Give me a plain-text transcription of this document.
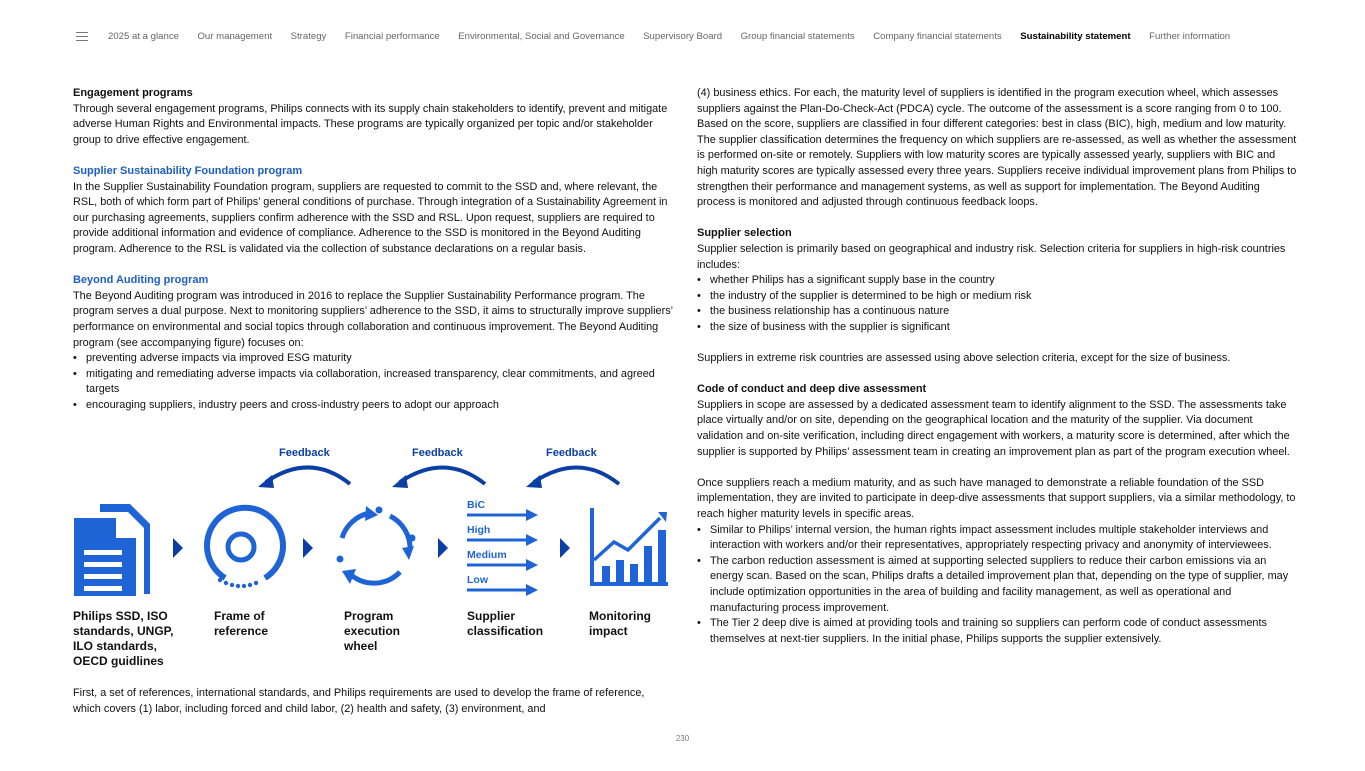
2025 at a glance Our management Strategy Financial performance Environmental, Social and Governance Supervisory Board Group financial statements Company financial statements Sustainability statement Further information
Engagement programs

Through several engagement programs, Philips connects with its supply chain stakeholders to identify, prevent and mitigate adverse Human Rights and Environmental impacts. These programs are typically organized per topic and/or stakeholder group to drive effective engagement.

Supplier Sustainability Foundation program

In the Supplier Sustainability Foundation program, suppliers are requested to commit to the SSD and, where relevant, the RSL, both of which form part of Philips’ general conditions of purchase. Through integration of a Sustainability Agreement in our purchasing agreements, suppliers confirm adherence with the SSD and RSL. Upon request, suppliers are required to provide additional information and evidence of compliance. Adherence to the SSD is monitored in the Beyond Auditing program. Adherence to the RSL is validated via the collection of substance declarations on a regular basis.

Beyond Auditing program

The Beyond Auditing program was introduced in 2016 to replace the Supplier Sustainability Performance program. The program serves a dual purpose. Next to monitoring suppliers’ adherence to the SSD, it aims to structurally improve suppliers’ performance on environmental and social topics through collaboration and continuous improvement. The Beyond Auditing program (see accompanying figure) focuses on:

• preventing adverse impacts via improved ESG maturity
• mitigating and remediating adverse impacts via collaboration, increased transparency, clear commitments, and agreed targets
• encouraging suppliers, industry peers and cross-industry peers to adopt our approach
Feedback	Feedback	Feedback
BiC
High
Medium
Low
Philips SSD, ISO standards, UNGP, ILO standards, OECD guidlines
Frame of reference
Program execution wheel
Supplier classification
Monitoring impact

First, a set of references, international standards, and Philips requirements are used to develop the frame of reference, which covers (1) labor, including forced and child labor, (2) health and safety, (3) environment, and

(4) business ethics. For each, the maturity level of suppliers is identified in the program execution wheel, which assesses suppliers against the Plan-Do-Check-Act (PDCA) cycle. The outcome of the assessment is a score ranging from 0 to 100. Based on the score, suppliers are classified in four different categories: best in class (BIC), high, medium and low maturity. The supplier classification determines the frequency on which suppliers are re-assessed, as well as whether the assessment is performed on-site or remotely. Suppliers with low maturity scores are typically assessed yearly, suppliers with BIC and high maturity scores are typically assessed every three years. Suppliers receive individual improvement plans from Philips to strengthen their performance and management systems, as well as support for implementation. The Beyond Auditing process is monitored and adjusted through continuous feedback loops.

Supplier selection

Supplier selection is primarily based on geographical and industry risk. Selection criteria for suppliers in high-risk countries includes:

• whether Philips has a significant supply base in the country
• the industry of the supplier is determined to be high or medium risk
• the business relationship has a continuous nature
• the size of business with the supplier is significant

Suppliers in extreme risk countries are assessed using above selection criteria, except for the size of business.

Code of conduct and deep dive assessment

Suppliers in scope are assessed by a dedicated assessment team to identify alignment to the SSD. The assessments take place virtually and/or on site, depending on the geographical location and the maturity of the supplier. Via document validation and on-site verification, including direct engagement with workers, a maturity score is determined, after which the supplier is supported by Philips’ assessment team in creating an improvement plan as part of the program execution wheel.

Once suppliers reach a medium maturity, and as such have managed to demonstrate a reliable foundation of the SSD implementation, they are invited to participate in deep-dive assessments that support suppliers, via a similar methodology, to reach higher maturity levels in specific areas.

• Similar to Philips’ internal version, the human rights impact assessment includes multiple stakeholder interviews and interaction with workers and/or their representatives, appropriately respecting privacy and anonymity of interviewees.
• The carbon reduction assessment is aimed at supporting selected suppliers to reduce their carbon emissions via an energy scan. Based on the scan, Philips drafts a detailed improvement plan that, depending on the type of supplier, may include optimization opportunities in the area of building and facility management, as well as operational and manufacturing process improvement.
• The Tier 2 deep dive is aimed at providing tools and training so suppliers can perform code of conduct assessments themselves at next-tier suppliers. In the initial phase, Philips supports the supplier extensively.
230
